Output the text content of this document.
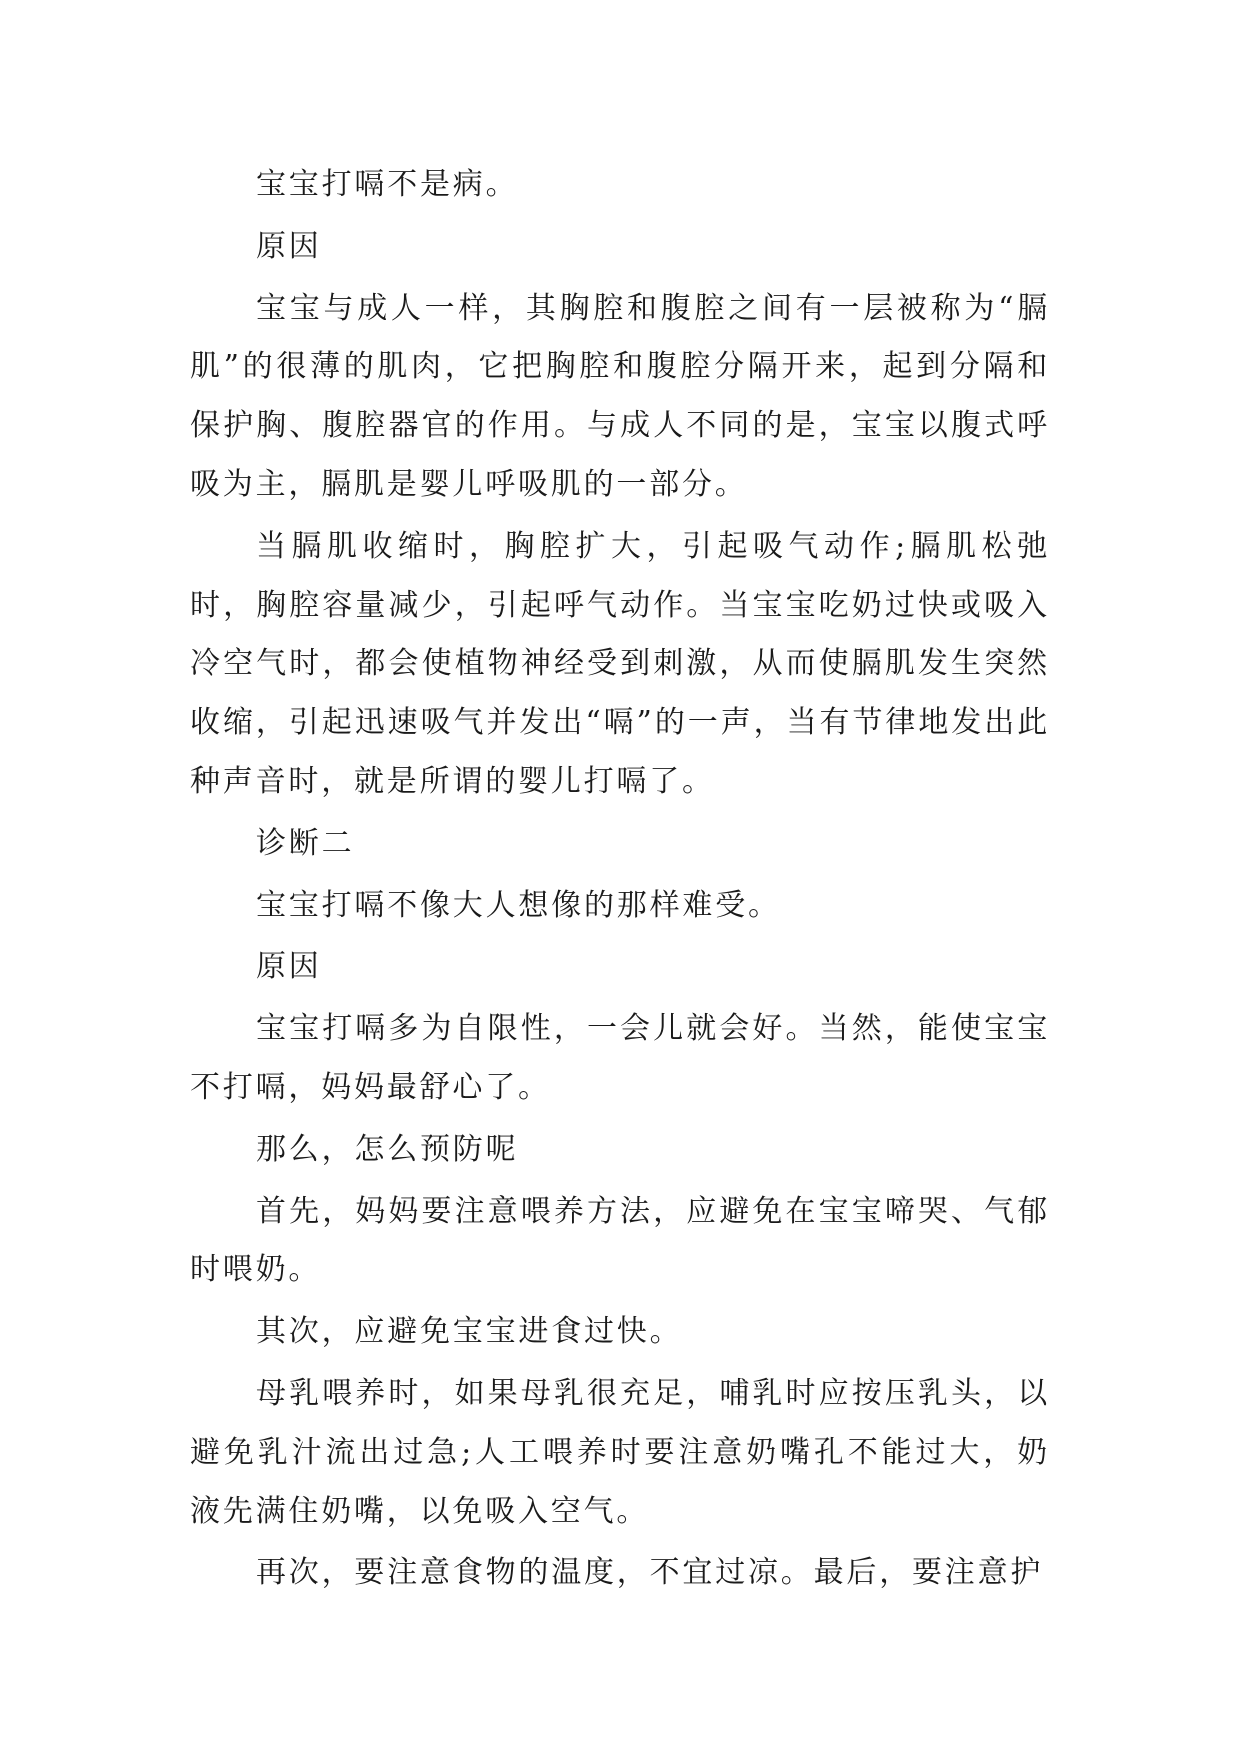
宝宝打嗝不是病。

原因

宝宝与成人一样，其胸腔和腹腔之间有一层被称为“膈肌”的很薄的肌肉，它把胸腔和腹腔分隔开来，起到分隔和保护胸、腹腔器官的作用。与成人不同的是，宝宝以腹式呼吸为主，膈肌是婴儿呼吸肌的一部分。

当膈肌收缩时，胸腔扩大，引起吸气动作;膈肌松弛时，胸腔容量减少，引起呼气动作。当宝宝吃奶过快或吸入冷空气时，都会使植物神经受到刺激，从而使膈肌发生突然收缩，引起迅速吸气并发出“嗝”的一声，当有节律地发出此种声音时，就是所谓的婴儿打嗝了。

诊断二

宝宝打嗝不像大人想像的那样难受。

原因

宝宝打嗝多为自限性，一会儿就会好。当然，能使宝宝不打嗝，妈妈最舒心了。

那么，怎么预防呢

首先，妈妈要注意喂养方法，应避免在宝宝啼哭、气郁时喂奶。

其次，应避免宝宝进食过快。

母乳喂养时，如果母乳很充足，哺乳时应按压乳头，以避免乳汁流出过急;人工喂养时要注意奶嘴孔不能过大，奶液先满住奶嘴，以免吸入空气。

再次，要注意食物的温度，不宜过凉。最后，要注意护
